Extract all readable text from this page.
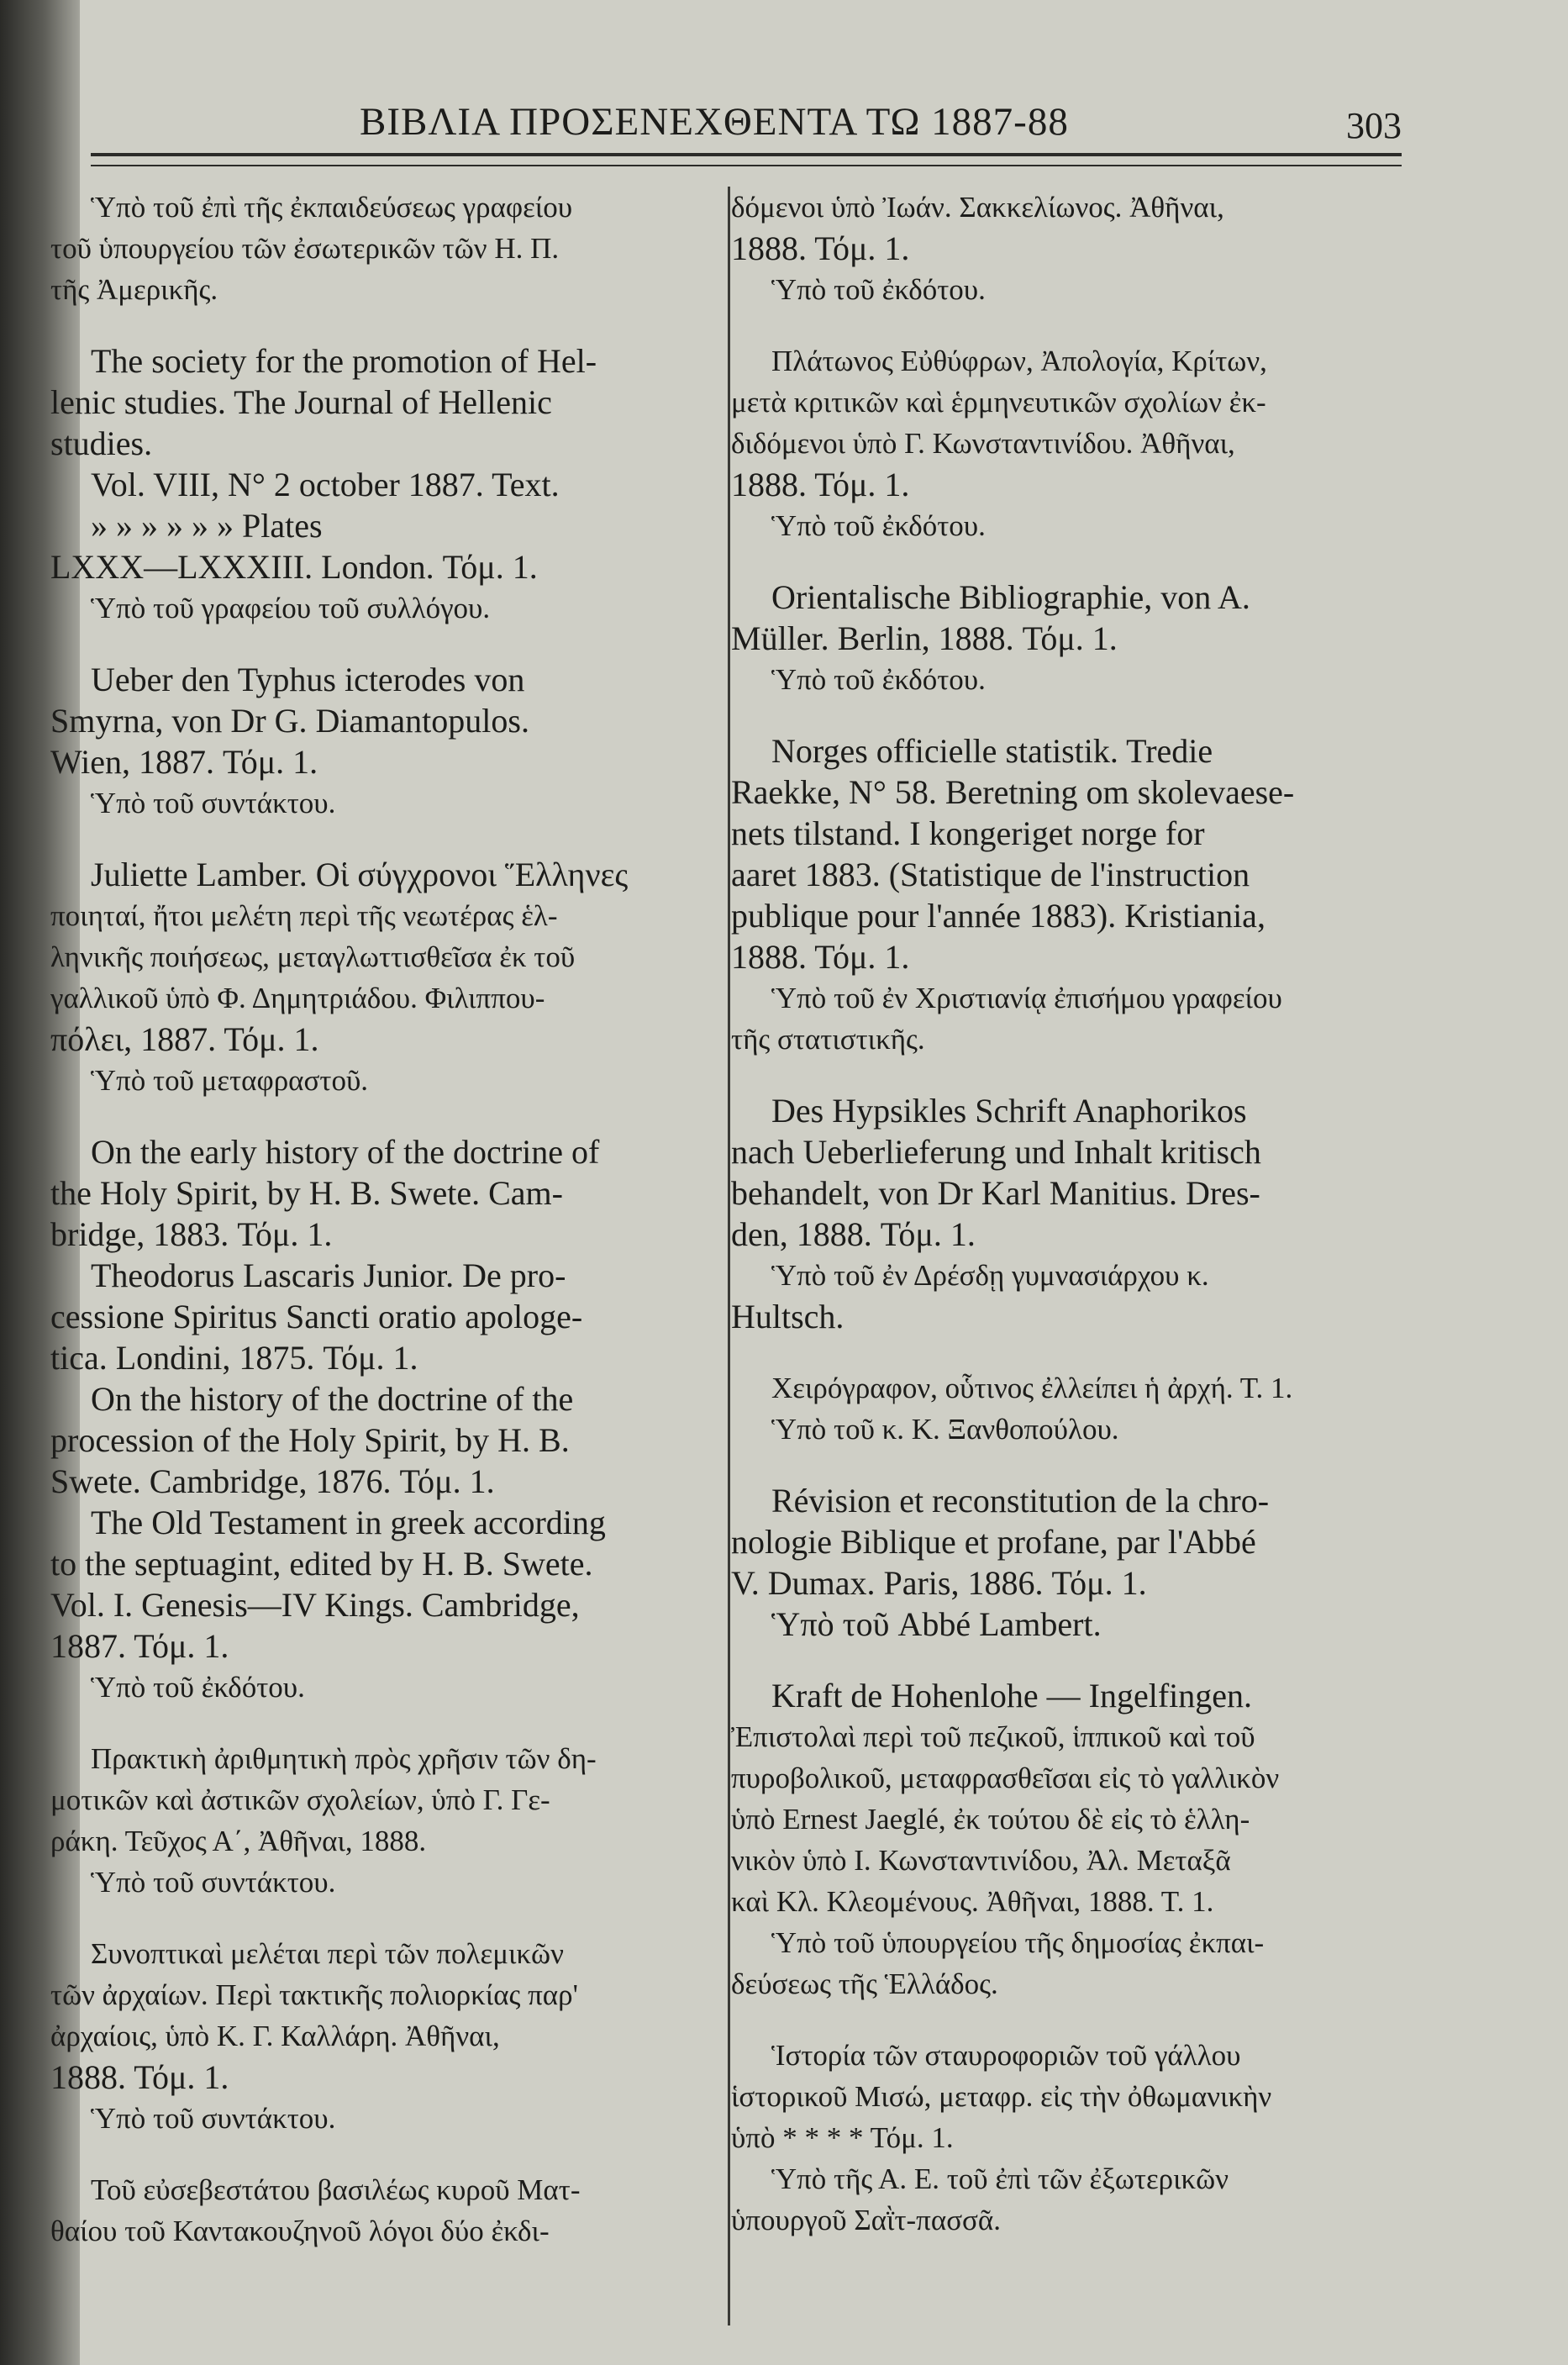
ΒΙΒΛΙΑ ΠΡΟΣΕΝΕΧΘΕΝΤΑ ΤΩ 1887-88	303
Ὑπὸ τοῦ ἐπὶ τῆς ἐκπαιδεύσεως γραφείου
τοῦ ὑπουργείου τῶν ἐσωτερικῶν τῶν Η. Π.
τῆς Ἀμερικῆς.
The society for the promotion of Hel-
lenic studies. The Journal of Hellenic
studies.
Vol. VIII, N° 2 october 1887. Text.
» » » » » » Plates
LXXX—LXXXIII. London. Τόμ. 1.
Ὑπὸ τοῦ γραφείου τοῦ συλλόγου.
Ueber den Typhus icterodes von
Smyrna, von Dr G. Diamantopulos.
Wien, 1887. Τόμ. 1.
Ὑπὸ τοῦ συντάκτου.
Juliette Lamber. Οἱ σύγχρονοι Ἕλληνες
ποιηταί, ἤτοι μελέτη περὶ τῆς νεωτέρας ἑλ-
ληνικῆς ποιήσεως, μεταγλωττισθεῖσα ἐκ τοῦ
γαλλικοῦ ὑπὸ Φ. Δημητριάδου. Φιλιππου-
πόλει, 1887. Τόμ. 1.
Ὑπὸ τοῦ μεταφραστοῦ.
On the early history of the doctrine of
the Holy Spirit, by H. B. Swete. Cam-
bridge, 1883. Τόμ. 1.
Theodorus Lascaris Junior. De pro-
cessione Spiritus Sancti oratio apologe-
tica. Londini, 1875. Τόμ. 1.
On the history of the doctrine of the
procession of the Holy Spirit, by H. B.
Swete. Cambridge, 1876. Τόμ. 1.
The Old Testament in greek according
to the septuagint, edited by H. B. Swete.
Vol. I. Genesis—IV Kings. Cambridge,
1887. Τόμ. 1.
Ὑπὸ τοῦ ἐκδότου.
Πρακτικὴ ἀριθμητικὴ πρὸς χρῆσιν τῶν δη-
μοτικῶν καὶ ἀστικῶν σχολείων, ὑπὸ Γ. Γε-
ράκη. Τεῦχος Α΄, Ἀθῆναι, 1888.
Ὑπὸ τοῦ συντάκτου.
Συνοπτικαὶ μελέται περὶ τῶν πολεμικῶν
τῶν ἀρχαίων. Περὶ τακτικῆς πολιορκίας παρ'
ἀρχαίοις, ὑπὸ Κ. Γ. Καλλάρη. Ἀθῆναι,
1888. Τόμ. 1.
Ὑπὸ τοῦ συντάκτου.
Τοῦ εὐσεβεστάτου βασιλέως κυροῦ Ματ-
θαίου τοῦ Καντακουζηνοῦ λόγοι δύο ἐκδι-
δόμενοι ὑπὸ Ἰωάν. Σακκελίωνος. Ἀθῆναι,
1888. Τόμ. 1.
Ὑπὸ τοῦ ἐκδότου.
Πλάτωνος Εὐθύφρων, Ἀπολογία, Κρίτων,
μετὰ κριτικῶν καὶ ἑρμηνευτικῶν σχολίων ἐκ-
διδόμενοι ὑπὸ Γ. Κωνσταντινίδου. Ἀθῆναι,
1888. Τόμ. 1.
Ὑπὸ τοῦ ἐκδότου.
Orientalische Bibliographie, von A.
Müller. Berlin, 1888. Τόμ. 1.
Ὑπὸ τοῦ ἐκδότου.
Norges officielle statistik. Tredie
Raekke, N° 58. Beretning om skolevaese-
nets tilstand. I kongeriget norge for
aaret 1883. (Statistique de l'instruction
publique pour l'année 1883). Kristiania,
1888. Τόμ. 1.
Ὑπὸ τοῦ ἐν Χριστιανίᾳ ἐπισήμου γραφείου
τῆς στατιστικῆς.
Des Hypsikles Schrift Anaphorikos
nach Ueberlieferung und Inhalt kritisch
behandelt, von Dr Karl Manitius. Dres-
den, 1888. Τόμ. 1.
Ὑπὸ τοῦ ἐν Δρέσδῃ γυμνασιάρχου κ.
Hultsch.
Χειρόγραφον, οὗτινος ἐλλείπει ἡ ἀρχή. Τ. 1.
Ὑπὸ τοῦ κ. Κ. Ξανθοπούλου.
Révision et reconstitution de la chro-
nologie Biblique et profane, par l'Abbé
V. Dumax. Paris, 1886. Τόμ. 1.
Ὑπὸ τοῦ Abbé Lambert.
Kraft de Hohenlohe — Ingelfingen.
Ἐπιστολαὶ περὶ τοῦ πεζικοῦ, ἱππικοῦ καὶ τοῦ
πυροβολικοῦ, μεταφρασθεῖσαι εἰς τὸ γαλλικὸν
ὑπὸ Ernest Jaeglé, ἐκ τούτου δὲ εἰς τὸ ἑλλη-
νικὸν ὑπὸ Ι. Κωνσταντινίδου, Ἀλ. Μεταξᾶ
καὶ Κλ. Κλεομένους. Ἀθῆναι, 1888. Τ. 1.
Ὑπὸ τοῦ ὑπουργείου τῆς δημοσίας ἐκπαι-
δεύσεως τῆς Ἑλλάδος.
Ἱστορία τῶν σταυροφοριῶν τοῦ γάλλου
ἱστορικοῦ Μισώ, μεταφρ. εἰς τὴν ὀθωμανικὴν
ὑπὸ * * * * Τόμ. 1.
Ὑπὸ τῆς Α. Ε. τοῦ ἐπὶ τῶν ἐξωτερικῶν
ὑπουργοῦ Σαῒτ-πασσᾶ.
